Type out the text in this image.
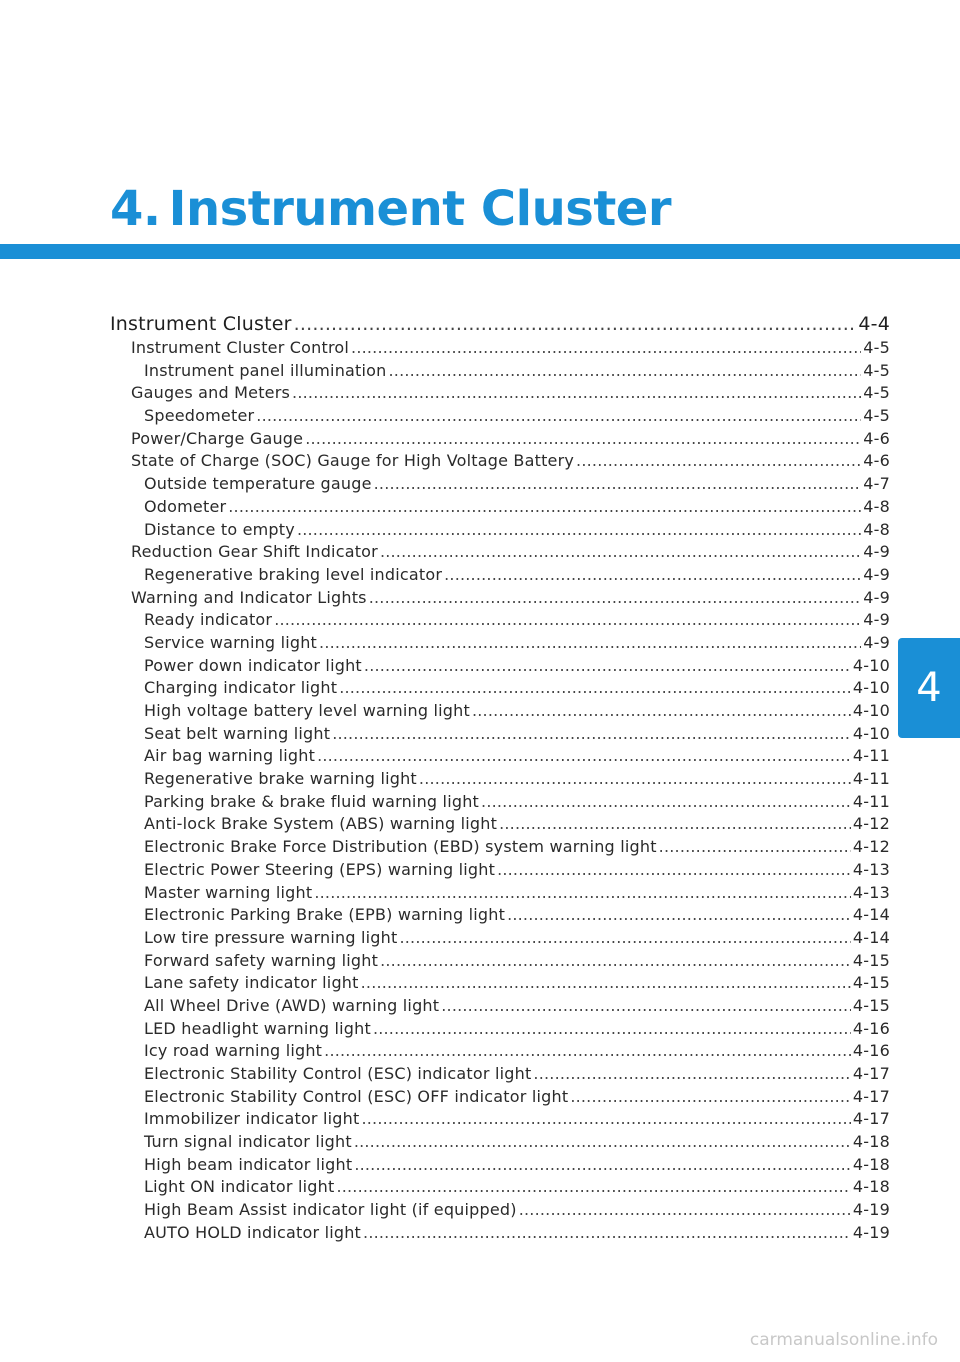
4. Instrument Cluster
4
Instrument Cluster .....	4-4
Instrument Cluster Control .....	4-5
Instrument panel illumination .....	4-5
Gauges and Meters .....	4-5
Speedometer .....	4-5
Power/Charge Gauge .....	4-6
State of Charge (SOC) Gauge for High Voltage Battery .....	4-6
Outside temperature gauge .....	4-7
Odometer .....	4-8
Distance to empty .....	4-8
Reduction Gear Shift Indicator .....	4-9
Regenerative braking level indicator .....	4-9
Warning and Indicator Lights .....	4-9
Ready indicator .....	4-9
Service warning light .....	4-9
Power down indicator light .....	4-10
Charging indicator light .....	4-10
High voltage battery level warning light .....	4-10
Seat belt warning light .....	4-10
Air bag warning light .....	4-11
Regenerative brake warning light .....	4-11
Parking brake & brake fluid warning light .....	4-11
Anti-lock Brake System (ABS) warning light .....	4-12
Electronic Brake Force Distribution (EBD) system warning light .....	4-12
Electric Power Steering (EPS) warning light .....	4-13
Master warning light .....	4-13
Electronic Parking Brake (EPB) warning light .....	4-14
Low tire pressure warning light .....	4-14
Forward safety warning light .....	4-15
Lane safety indicator light .....	4-15
All Wheel Drive (AWD) warning light .....	4-15
LED headlight warning light .....	4-16
Icy road warning light .....	4-16
Electronic Stability Control (ESC) indicator light .....	4-17
Electronic Stability Control (ESC) OFF indicator light .....	4-17
Immobilizer indicator light .....	4-17
Turn signal indicator light .....	4-18
High beam indicator light .....	4-18
Light ON indicator light .....	4-18
High Beam Assist indicator light (if equipped) .....	4-19
AUTO HOLD indicator light .....	4-19
carmanualsonline.info
